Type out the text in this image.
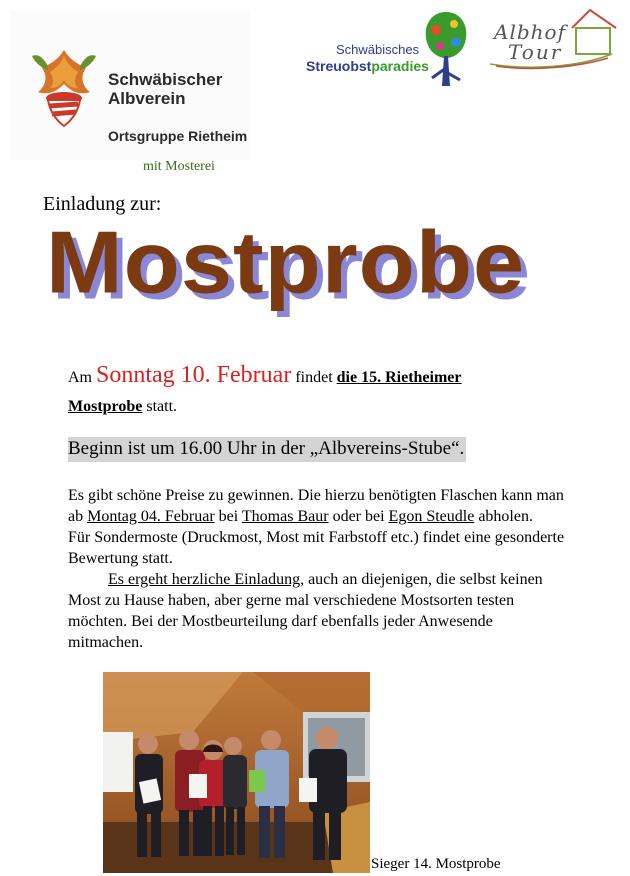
Schwäbischer
Albverein
Ortsgruppe Rietheim
mit Mosterei
Schwäbisches
Streuobstparadies
Albhof
Tour
Einladung zur:
Mostprobe
Am Sonntag 10. Februar findet die 15. Rietheimer
Mostprobe statt.
Beginn ist um 16.00 Uhr in der „Albvereins-Stube“.
Es gibt schöne Preise zu gewinnen. Die hierzu benötigten Flaschen kann man ab Montag 04. Februar bei Thomas Baur oder bei Egon Steudle abholen.
Für Sondermoste (Druckmost, Most mit Farbstoff etc.) findet eine gesonderte Bewertung statt.
Es ergeht herzliche Einladung, auch an diejenigen, die selbst keinen Most zu Hause haben, aber gerne mal verschiedene Mostsorten testen möchten. Bei der Mostbeurteilung darf ebenfalls jeder Anwesende mitmachen.
Sieger 14. Mostprobe
